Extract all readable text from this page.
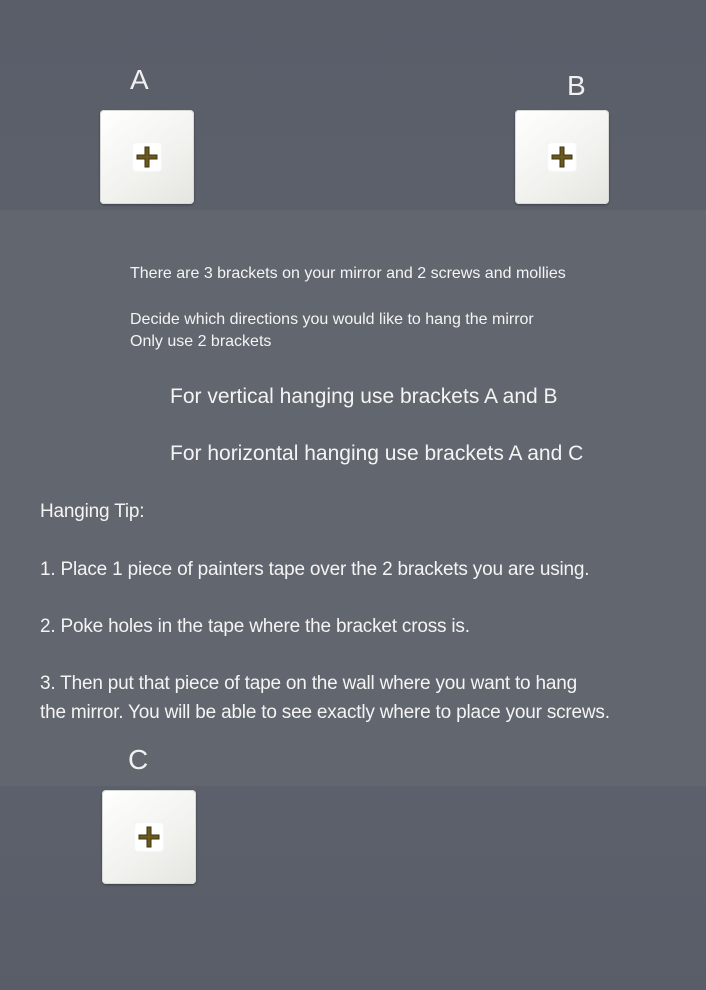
A	B
There are 3 brackets on your mirror and 2 screws and mollies
Decide which directions you would like to hang the mirror
Only use 2 brackets
For vertical hanging use brackets A and B
For horizontal hanging use brackets A and C
Hanging Tip:
1. Place 1 piece of painters tape over the 2 brackets you are using.
2. Poke holes in the tape where the bracket cross is.
3. Then put that piece of tape on the wall where you want to hang
the mirror. You will be able to see exactly where to place your screws.
C
